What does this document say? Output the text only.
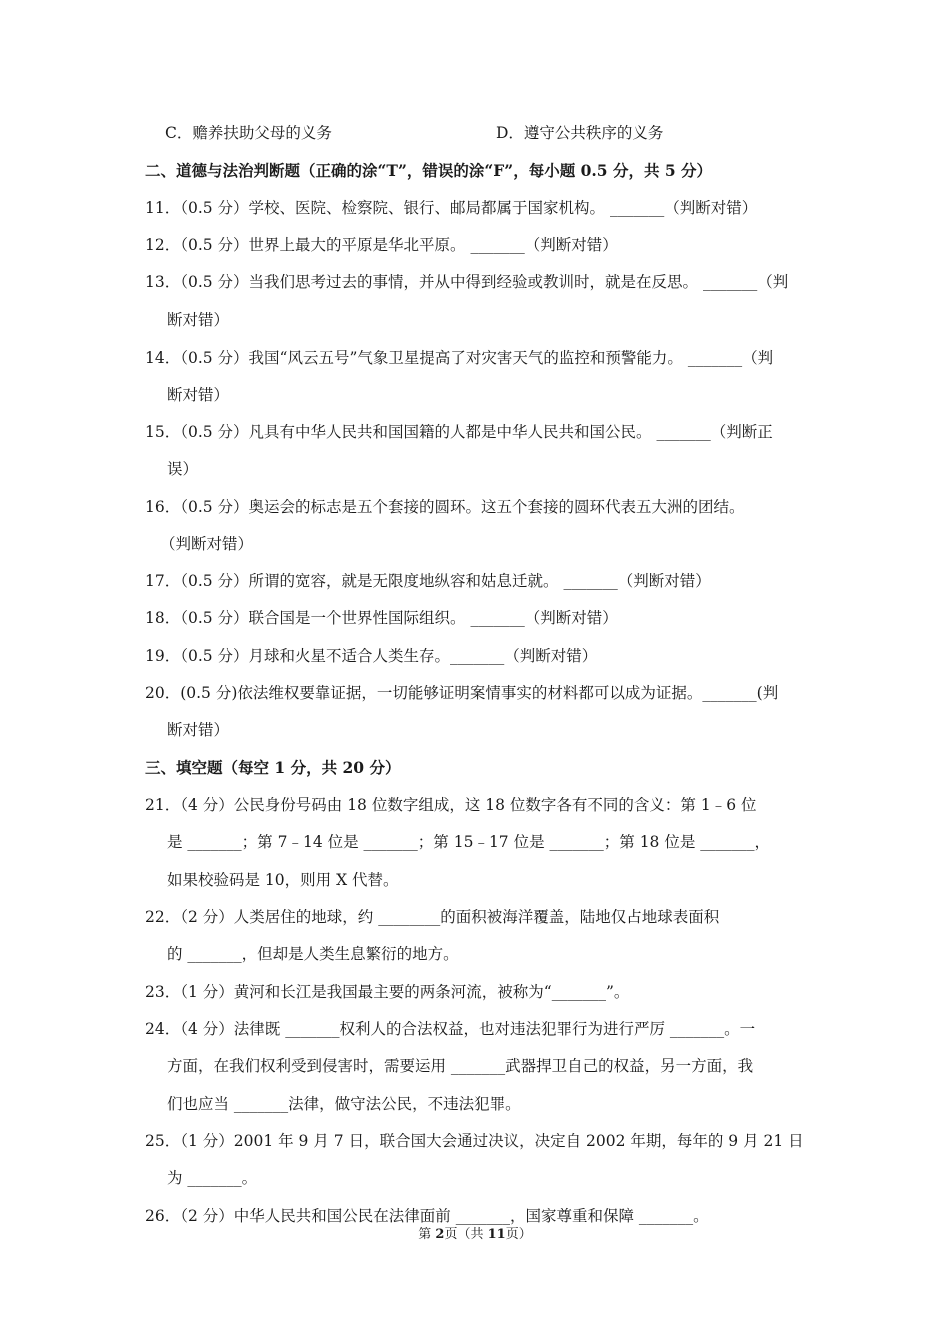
C．赡养扶助父母的义务	D．遵守公共秩序的义务
二、道德与法治判断题（正确的涂“T”，错误的涂“F”，每小题 0.5 分，共 5 分）
11．（0.5 分）学校、医院、检察院、银行、邮局都属于国家机构。 _______（判断对错）
12．（0.5 分）世界上最大的平原是华北平原。 _______（判断对错）
13．（0.5 分）当我们思考过去的事情，并从中得到经验或教训时，就是在反思。 _______（判
断对错）
14．（0.5 分）我国“风云五号”气象卫星提高了对灾害天气的监控和预警能力。 _______（判
断对错）
15．（0.5 分）凡具有中华人民共和国国籍的人都是中华人民共和国公民。 _______（判断正
误）
16．（0.5 分）奥运会的标志是五个套接的圆环。这五个套接的圆环代表五大洲的团结。
（判断对错）
17．（0.5 分）所谓的宽容，就是无限度地纵容和姑息迁就。 _______（判断对错）
18．（0.5 分）联合国是一个世界性国际组织。 _______（判断对错）
19．（0.5 分）月球和火星不适合人类生存。_______（判断对错）
20．(0.5 分)依法维权要靠证据，一切能够证明案情事实的材料都可以成为证据。_______(判
断对错）
三、填空题（每空 1 分，共 20 分）
21．（4 分）公民身份号码由 18 位数字组成，这 18 位数字各有不同的含义：第 1﹣6 位
是 _______；第 7﹣14 位是 _______；第 15﹣17 位是 _______；第 18 位是 _______，
如果校验码是 10，则用 X 代替。
22．（2 分）人类居住的地球，约 ________的面积被海洋覆盖，陆地仅占地球表面积
的 _______，但却是人类生息繁衍的地方。
23．（1 分）黄河和长江是我国最主要的两条河流，被称为“_______”。
24．（4 分）法律既 _______权利人的合法权益，也对违法犯罪行为进行严厉 _______。一
方面，在我们权利受到侵害时，需要运用 _______武器捍卫自己的权益，另一方面，我
们也应当 _______法律，做守法公民，不违法犯罪。
25．（1 分）2001 年 9 月 7 日，联合国大会通过决议，决定自 2002 年期，每年的 9 月 21 日
为 _______。
26．（2 分）中华人民共和国公民在法律面前 _______，国家尊重和保障 _______。
第 2页（共 11页）
